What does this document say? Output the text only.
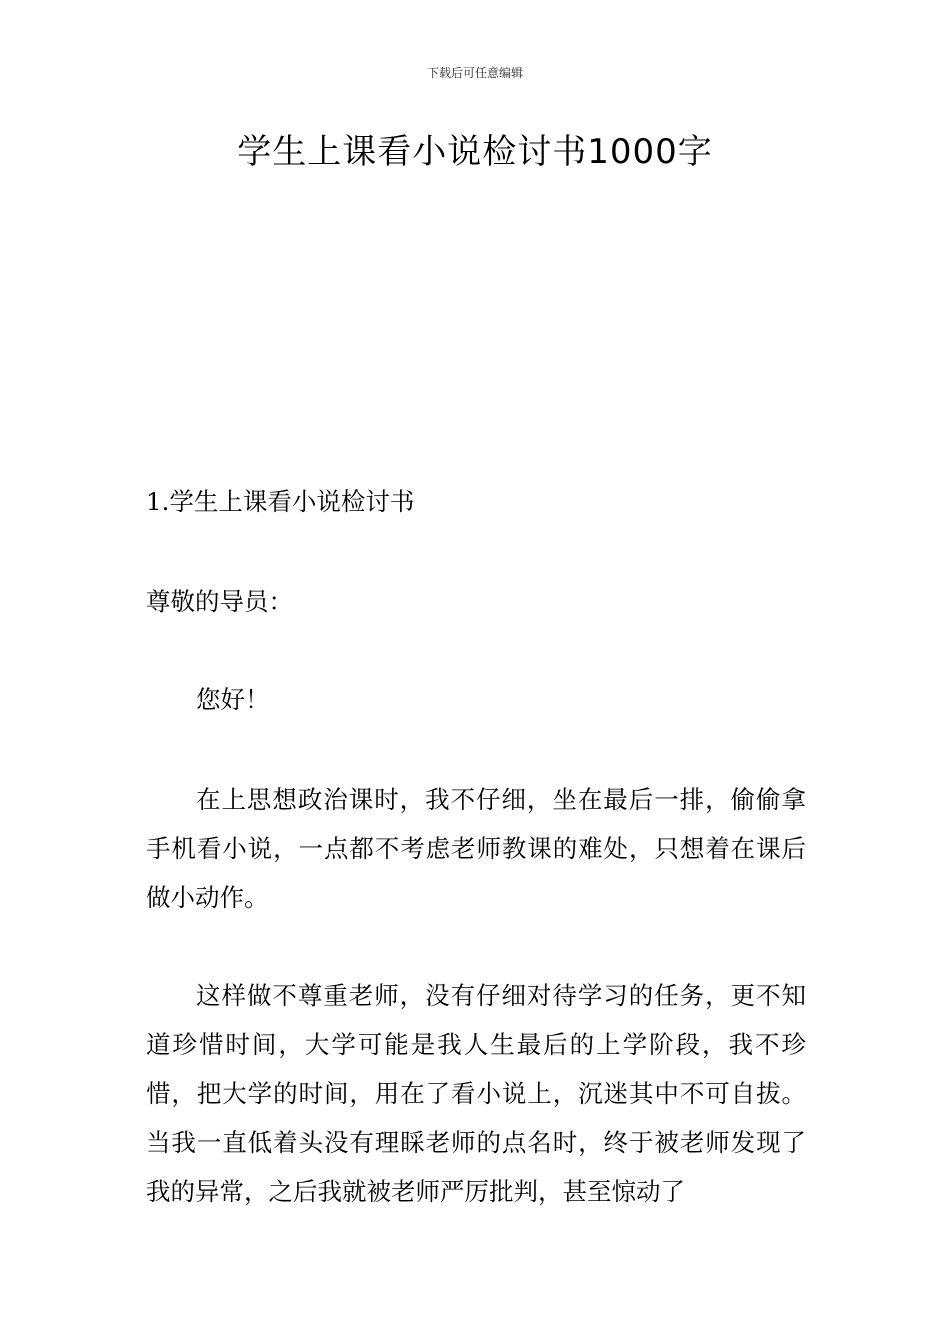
下载后可任意编辑
学生上课看小说检讨书1000字

1.学生上课看小说检讨书

尊敬的导员：

您好！

在上思想政治课时，我不仔细，坐在最后一排，偷偷拿手机看小说，一点都不考虑老师教课的难处，只想着在课后做小动作。

这样做不尊重老师，没有仔细对待学习的任务，更不知道珍惜时间，大学可能是我人生最后的上学阶段，我不珍惜，把大学的时间，用在了看小说上，沉迷其中不可自拔。当我一直低着头没有理睬老师的点名时，终于被老师发现了我的异常，之后我就被老师严厉批判，甚至惊动了
